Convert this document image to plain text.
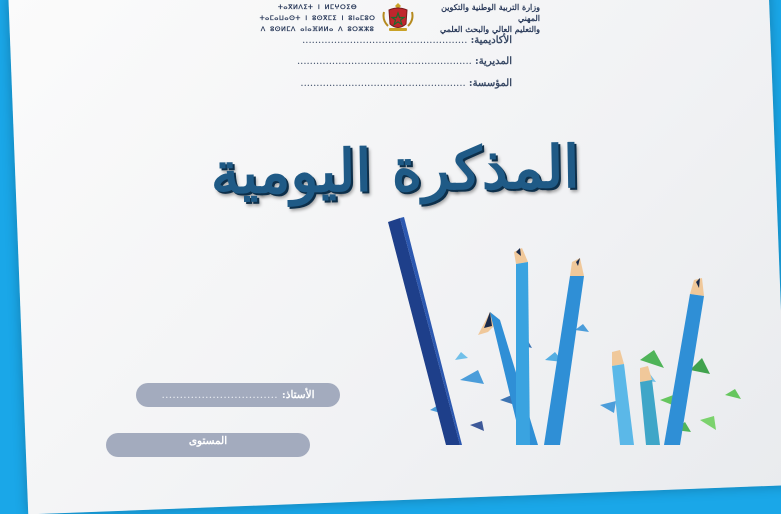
ⵜⴰⴳⵍⴷⵉⵜ ⵏ ⵍⵎⵖⵔⵉⴱ
ⵜⴰⵎⴰⵡⴰⵙⵜ ⵏ ⵓⵙⴳⵎⵉ ⵏ ⵓⵏⴰⵎⵓⵔ
ⴷ ⵓⵙⵍⵎⴷ ⴰⵏⴰⴼⵍⵍⴰ ⴷ ⵓⵔⵣⵣⵓ
وزارة التربية الوطنية والتكوين المهني
والتعليم العالي والبحث العلمي
الأكاديمية: ....................................................
المديرية: .......................................................
المؤسسة: ....................................................
المذكرة اليومية
الأستاذ:
................................
المستوى
